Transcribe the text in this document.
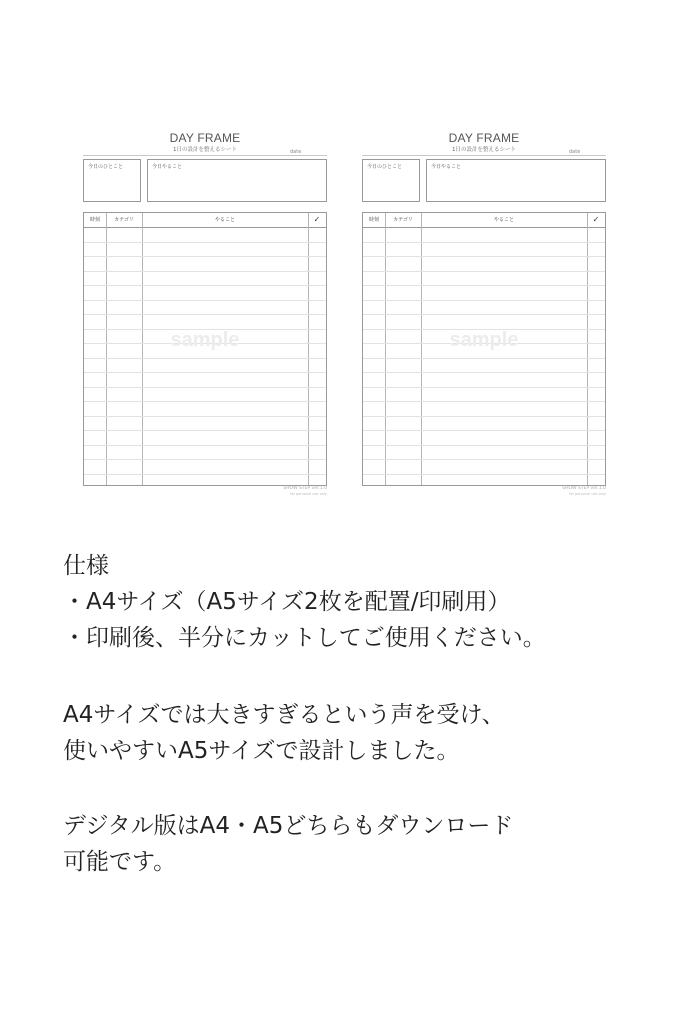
DAY FRAME
1日の設計を整えるシート	date
今日のひとこと	今日やること
時刻	カテゴリ	やること	✓
sample
SHOW STEP ver.1.0
for personal use only
DAY FRAME
1日の設計を整えるシート	date
今日のひとこと	今日やること
時刻	カテゴリ	やること	✓
sample
SHOW STEP ver.1.0
for personal use only
仕様
・A4サイズ（A5サイズ2枚を配置/印刷用）
・印刷後、半分にカットしてご使用ください。
A4サイズでは大きすぎるという声を受け、
使いやすいA5サイズで設計しました。
デジタル版はA4・A5どちらもダウンロード
可能です。
